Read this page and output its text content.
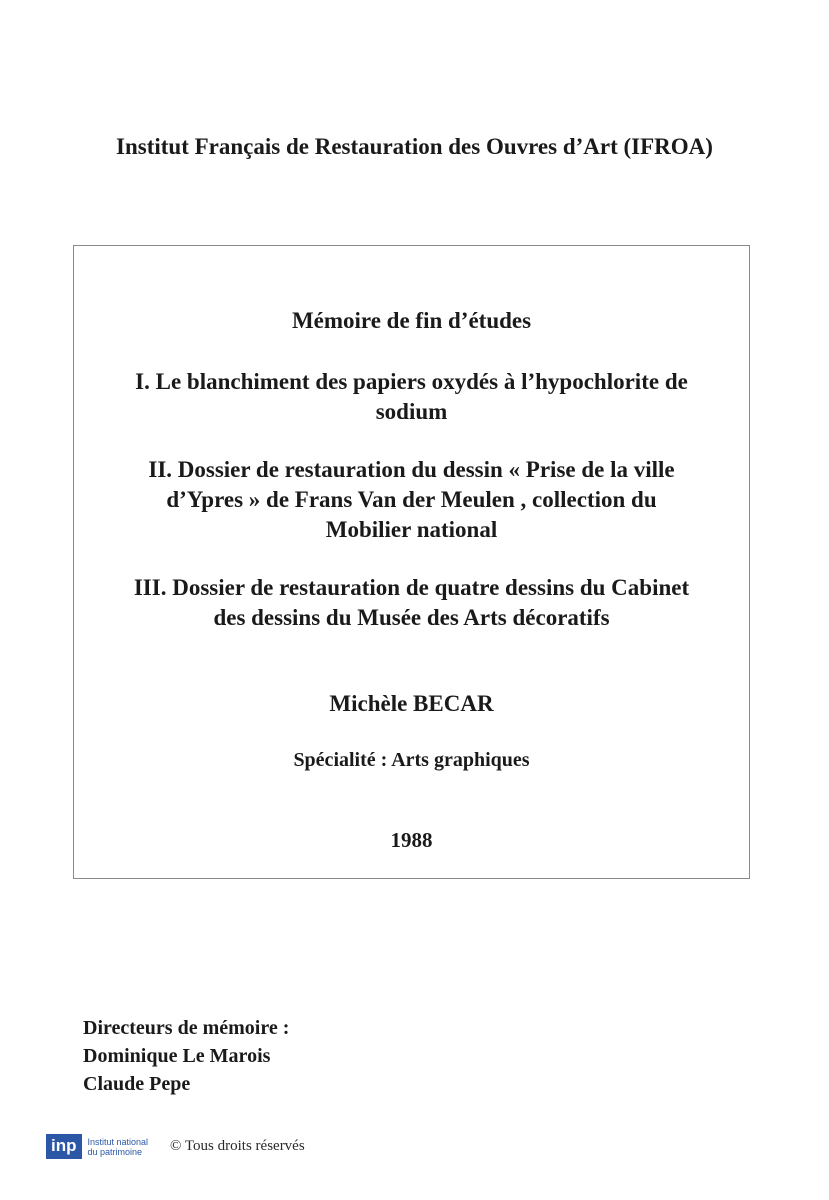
Institut Français de Restauration des Ouvres d’Art (IFROA)
Mémoire de fin d’études
I. Le blanchiment des papiers oxydés à l’hypochlorite de
sodium
II. Dossier de restauration du dessin « Prise de la ville
d’Ypres » de Frans Van der Meulen , collection du
Mobilier national
III. Dossier de restauration de quatre dessins du Cabinet
des dessins du Musée des Arts décoratifs
Michèle BECAR
Spécialité : Arts graphiques
1988
Directeurs de mémoire :
Dominique Le Marois
Claude Pepe
inp	Institut national
du patrimoine	© Tous droits réservés
